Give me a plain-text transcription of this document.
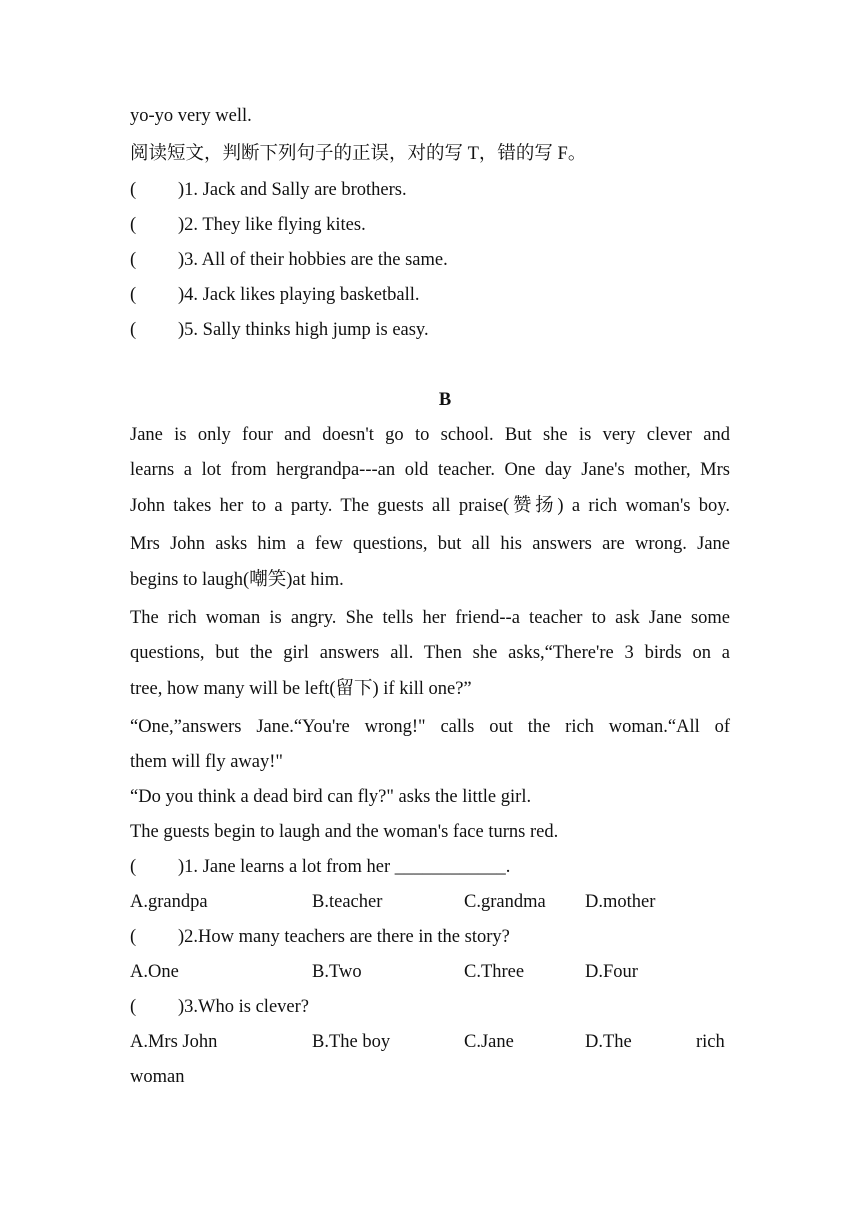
yo-yo very well.
阅读短文，判断下列句子的正误，对的写 T，错的写 F。
( )1. Jack and Sally are brothers.
( )2. They like flying kites.
( )3. All of their hobbies are the same.
( )4. Jack likes playing basketball.
( )5. Sally thinks high jump is easy.
B
Jane is only four and doesn't go to school. But she is very clever and
learns a lot from hergrandpa---an old teacher. One day Jane's mother, Mrs
John takes her to a party. The guests all praise(赞扬) a rich woman's boy.
Mrs John asks him a few questions, but all his answers are wrong. Jane
begins to laugh(嘲笑)at him.
The rich woman is angry. She tells her friend--a teacher to ask Jane some
questions, but the girl answers all. Then she asks,“There're 3 birds on a
tree, how many will be left(留下) if kill one?”
“One,”answers Jane.“You're wrong!" calls out the rich woman.“All of
them will fly away!"
“Do you think a dead bird can fly?" asks the little girl.
The guests begin to laugh and the woman's face turns red.
( )1. Jane learns a lot from her ____________.
A.grandpa	B.teacher	C.grandma D.mother
( )2.How many teachers are there in the story?
A.One	B.Two	C.Three	D.Four
( )3.Who is clever?
A.Mrs John	B.The boy	C.Jane	D.The	rich
woman
